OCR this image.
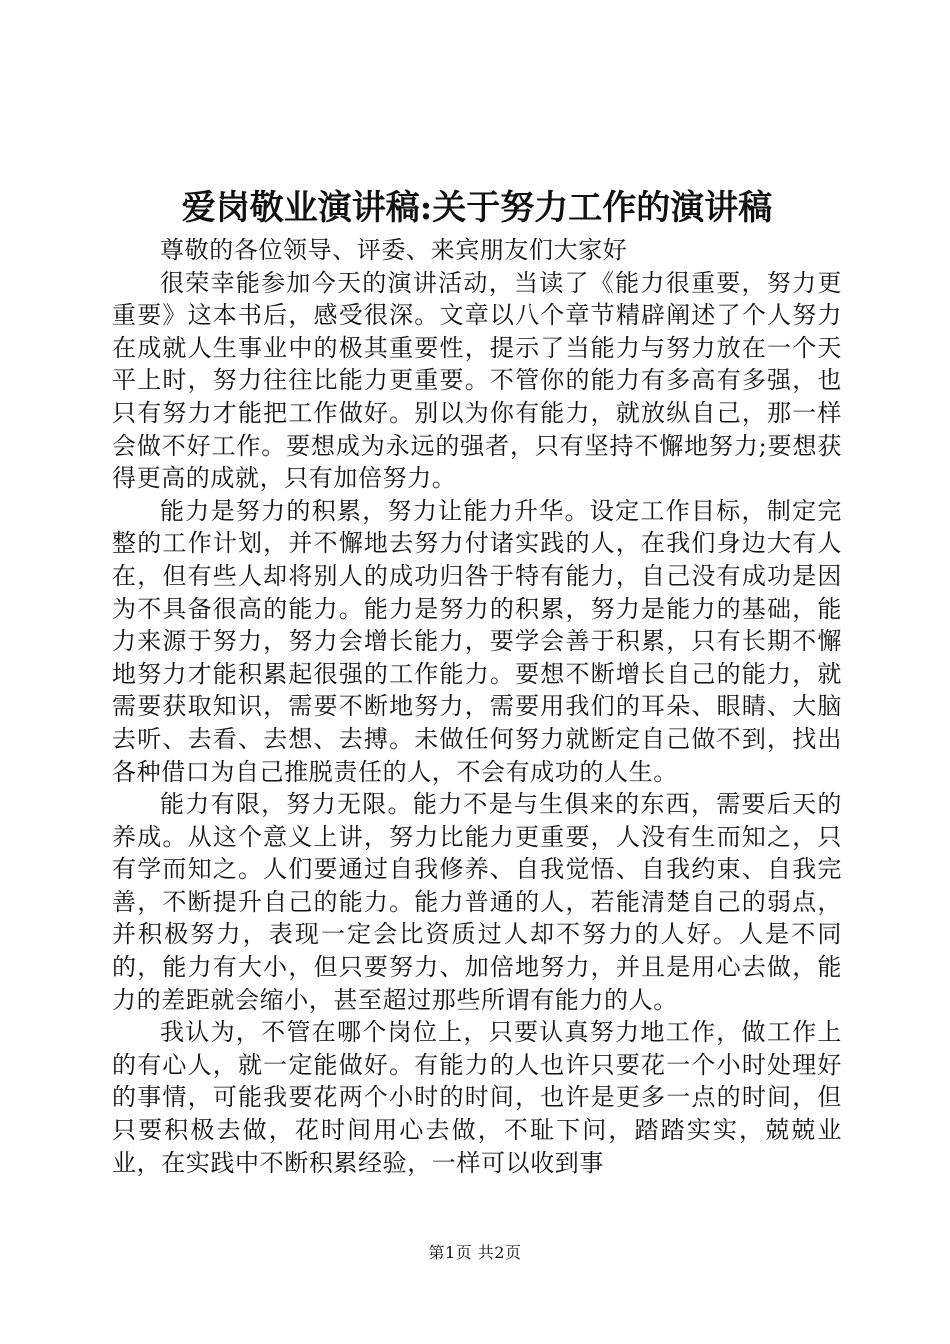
爱岗敬业演讲稿:关于努力工作的演讲稿

尊敬的各位领导、评委、来宾朋友们大家好

很荣幸能参加今天的演讲活动，当读了《能力很重要，努力更重要》这本书后，感受很深。文章以八个章节精辟阐述了个人努力在成就人生事业中的极其重要性，提示了当能力与努力放在一个天平上时，努力往往比能力更重要。不管你的能力有多高有多强，也只有努力才能把工作做好。别以为你有能力，就放纵自己，那一样会做不好工作。要想成为永远的强者，只有坚持不懈地努力;要想获得更高的成就，只有加倍努力。

能力是努力的积累，努力让能力升华。设定工作目标，制定完整的工作计划，并不懈地去努力付诸实践的人，在我们身边大有人在，但有些人却将别人的成功归咎于特有能力，自己没有成功是因为不具备很高的能力。能力是努力的积累，努力是能力的基础，能力来源于努力，努力会增长能力，要学会善于积累，只有长期不懈地努力才能积累起很强的工作能力。要想不断增长自己的能力，就需要获取知识，需要不断地努力，需要用我们的耳朵、眼睛、大脑去听、去看、去想、去搏。未做任何努力就断定自己做不到，找出各种借口为自己推脱责任的人，不会有成功的人生。

能力有限，努力无限。能力不是与生俱来的东西，需要后天的养成。从这个意义上讲，努力比能力更重要，人没有生而知之，只有学而知之。人们要通过自我修养、自我觉悟、自我约束、自我完善，不断提升自己的能力。能力普通的人，若能清楚自己的弱点，并积极努力，表现一定会比资质过人却不努力的人好。人是不同的，能力有大小，但只要努力、加倍地努力，并且是用心去做，能力的差距就会缩小，甚至超过那些所谓有能力的人。

我认为，不管在哪个岗位上，只要认真努力地工作，做工作上的有心人，就一定能做好。有能力的人也许只要花一个小时处理好的事情，可能我要花两个小时的时间，也许是更多一点的时间，但只要积极去做，花时间用心去做，不耻下问，踏踏实实，兢兢业业，在实践中不断积累经验，一样可以收到事

第1页 共2页
